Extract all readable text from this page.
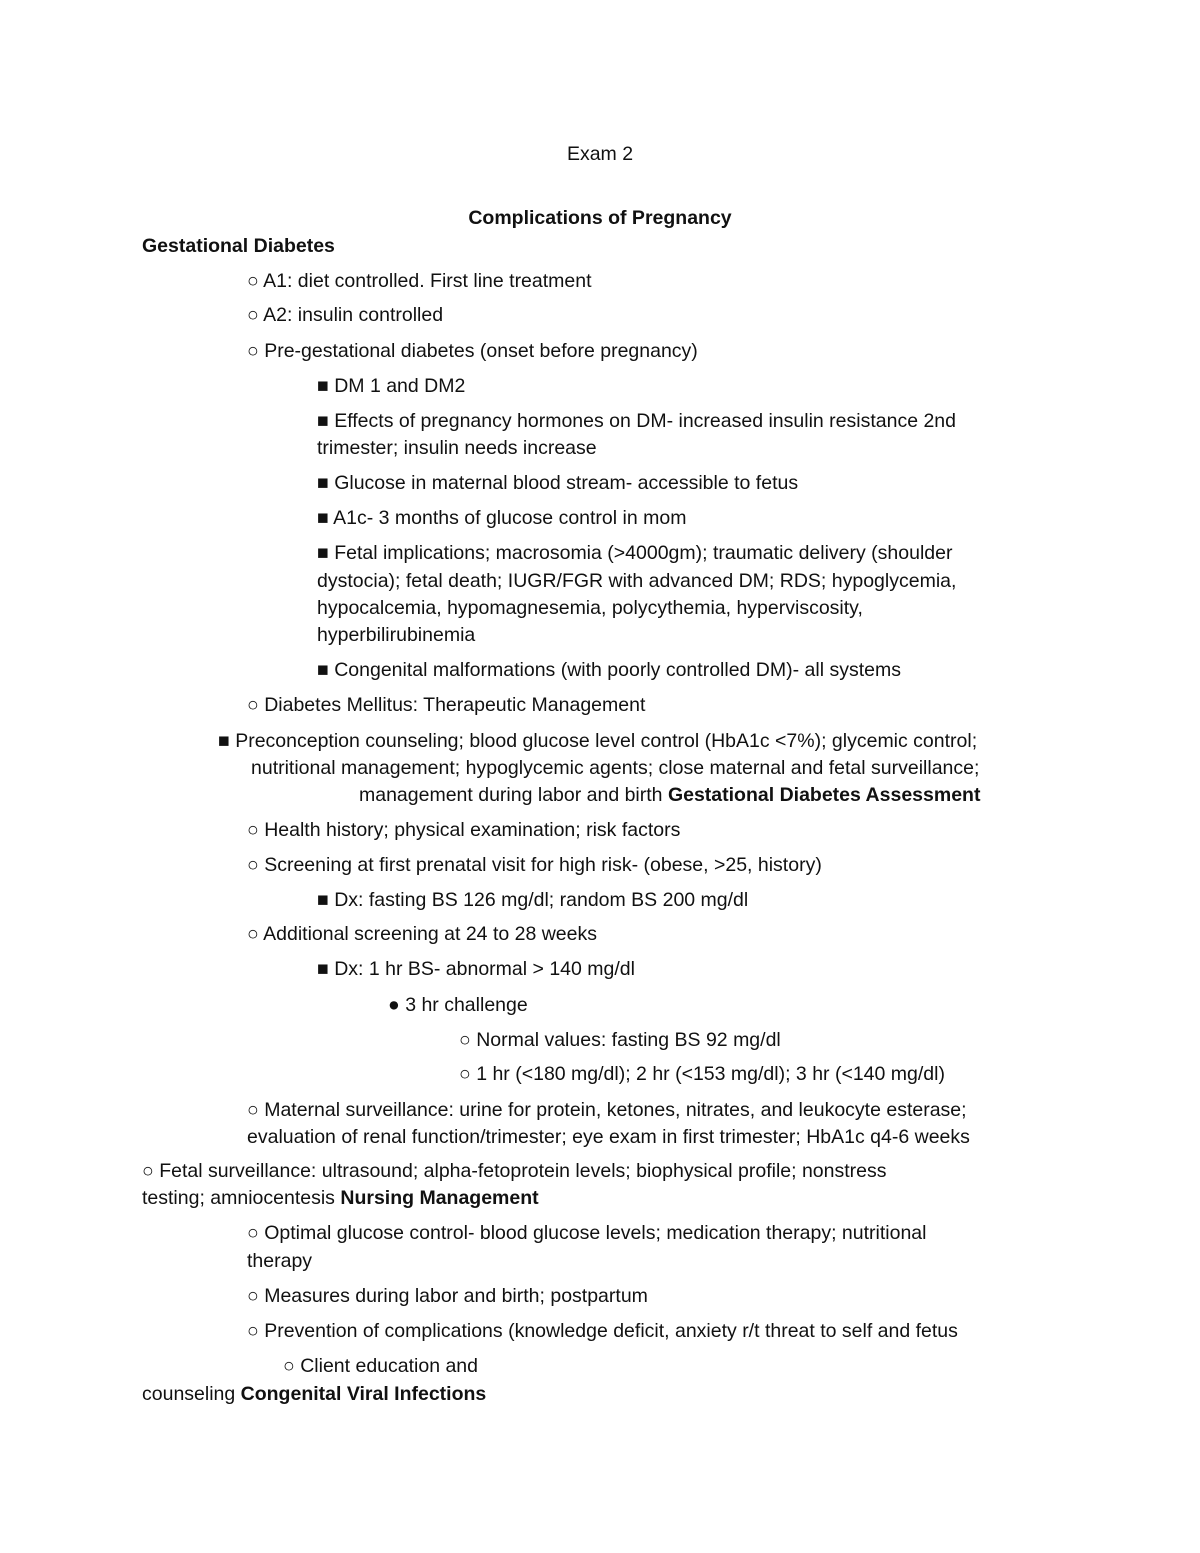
Exam 2
Complications of Pregnancy
Gestational Diabetes
○ A1: diet controlled. First line treatment
○ A2: insulin controlled
○ Pre-gestational diabetes (onset before pregnancy)
■ DM 1 and DM2
■ Effects of pregnancy hormones on DM- increased insulin resistance 2nd
trimester; insulin needs increase
■ Glucose in maternal blood stream- accessible to fetus
■ A1c- 3 months of glucose control in mom
■ Fetal implications; macrosomia (>4000gm); traumatic delivery (shoulder
dystocia); fetal death; IUGR/FGR with advanced DM; RDS; hypoglycemia,
hypocalcemia, hypomagnesemia, polycythemia, hyperviscosity,
hyperbilirubinemia
■ Congenital malformations (with poorly controlled DM)- all systems
○ Diabetes Mellitus: Therapeutic Management
■ Preconception counseling; blood glucose level control (HbA1c <7%); glycemic control;
nutritional management; hypoglycemic agents; close maternal and fetal surveillance;
management during labor and birth Gestational Diabetes Assessment
○ Health history; physical examination; risk factors
○ Screening at first prenatal visit for high risk- (obese, >25, history)
■ Dx: fasting BS 126 mg/dl; random BS 200 mg/dl
○ Additional screening at 24 to 28 weeks
■ Dx: 1 hr BS- abnormal > 140 mg/dl
● 3 hr challenge
○ Normal values: fasting BS 92 mg/dl
○ 1 hr (<180 mg/dl); 2 hr (<153 mg/dl); 3 hr (<140 mg/dl)
○ Maternal surveillance: urine for protein, ketones, nitrates, and leukocyte esterase;
evaluation of renal function/trimester; eye exam in first trimester; HbA1c q4-6 weeks
○ Fetal surveillance: ultrasound; alpha-fetoprotein levels; biophysical profile; nonstress
testing; amniocentesis Nursing Management
○ Optimal glucose control- blood glucose levels; medication therapy; nutritional
therapy
○ Measures during labor and birth; postpartum
○ Prevention of complications (knowledge deficit, anxiety r/t threat to self and fetus
○ Client education and
counseling Congenital Viral Infections
